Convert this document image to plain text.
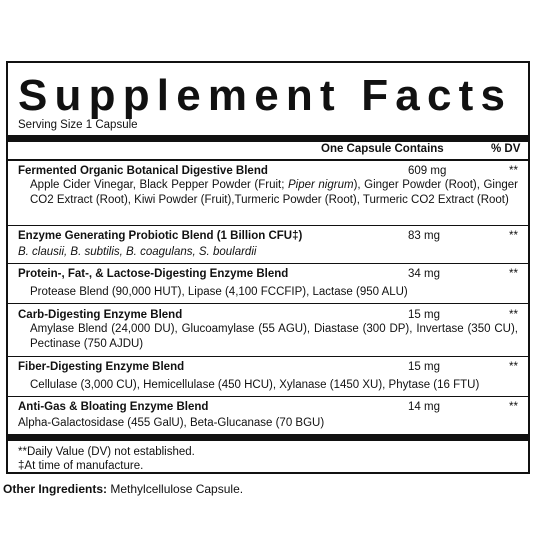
Supplement Facts
Serving Size 1 Capsule
One Capsule Contains	% DV
Fermented Organic Botanical Digestive Blend	609 mg	**
Apple Cider Vinegar, Black Pepper Powder (Fruit; Piper nigrum), Ginger Powder (Root), Ginger CO2 Extract (Root), Kiwi Powder (Fruit),Turmeric Powder (Root), Turmeric CO2 Extract (Root)
Enzyme Generating Probiotic Blend (1 Billion CFU‡)	83 mg	**
B. clausii, B. subtilis, B. coagulans, S. boulardii
Protein-, Fat-, & Lactose-Digesting Enzyme Blend	34 mg	**
Protease Blend (90,000 HUT), Lipase (4,100 FCCFIP), Lactase (950 ALU)
Carb-Digesting Enzyme Blend	15 mg	**
Amylase Blend (24,000 DU), Glucoamylase (55 AGU), Diastase (300 DP), Invertase (350 CU), Pectinase (750 AJDU)
Fiber-Digesting Enzyme Blend	15 mg	**
Cellulase (3,000 CU), Hemicellulase (450 HCU), Xylanase (1450 XU), Phytase (16 FTU)
Anti-Gas & Bloating Enzyme Blend	14 mg	**
Alpha-Galactosidase (455 GalU), Beta-Glucanase (70 BGU)
**Daily Value (DV) not established.
‡At time of manufacture.
Other Ingredients: Methylcellulose Capsule.
